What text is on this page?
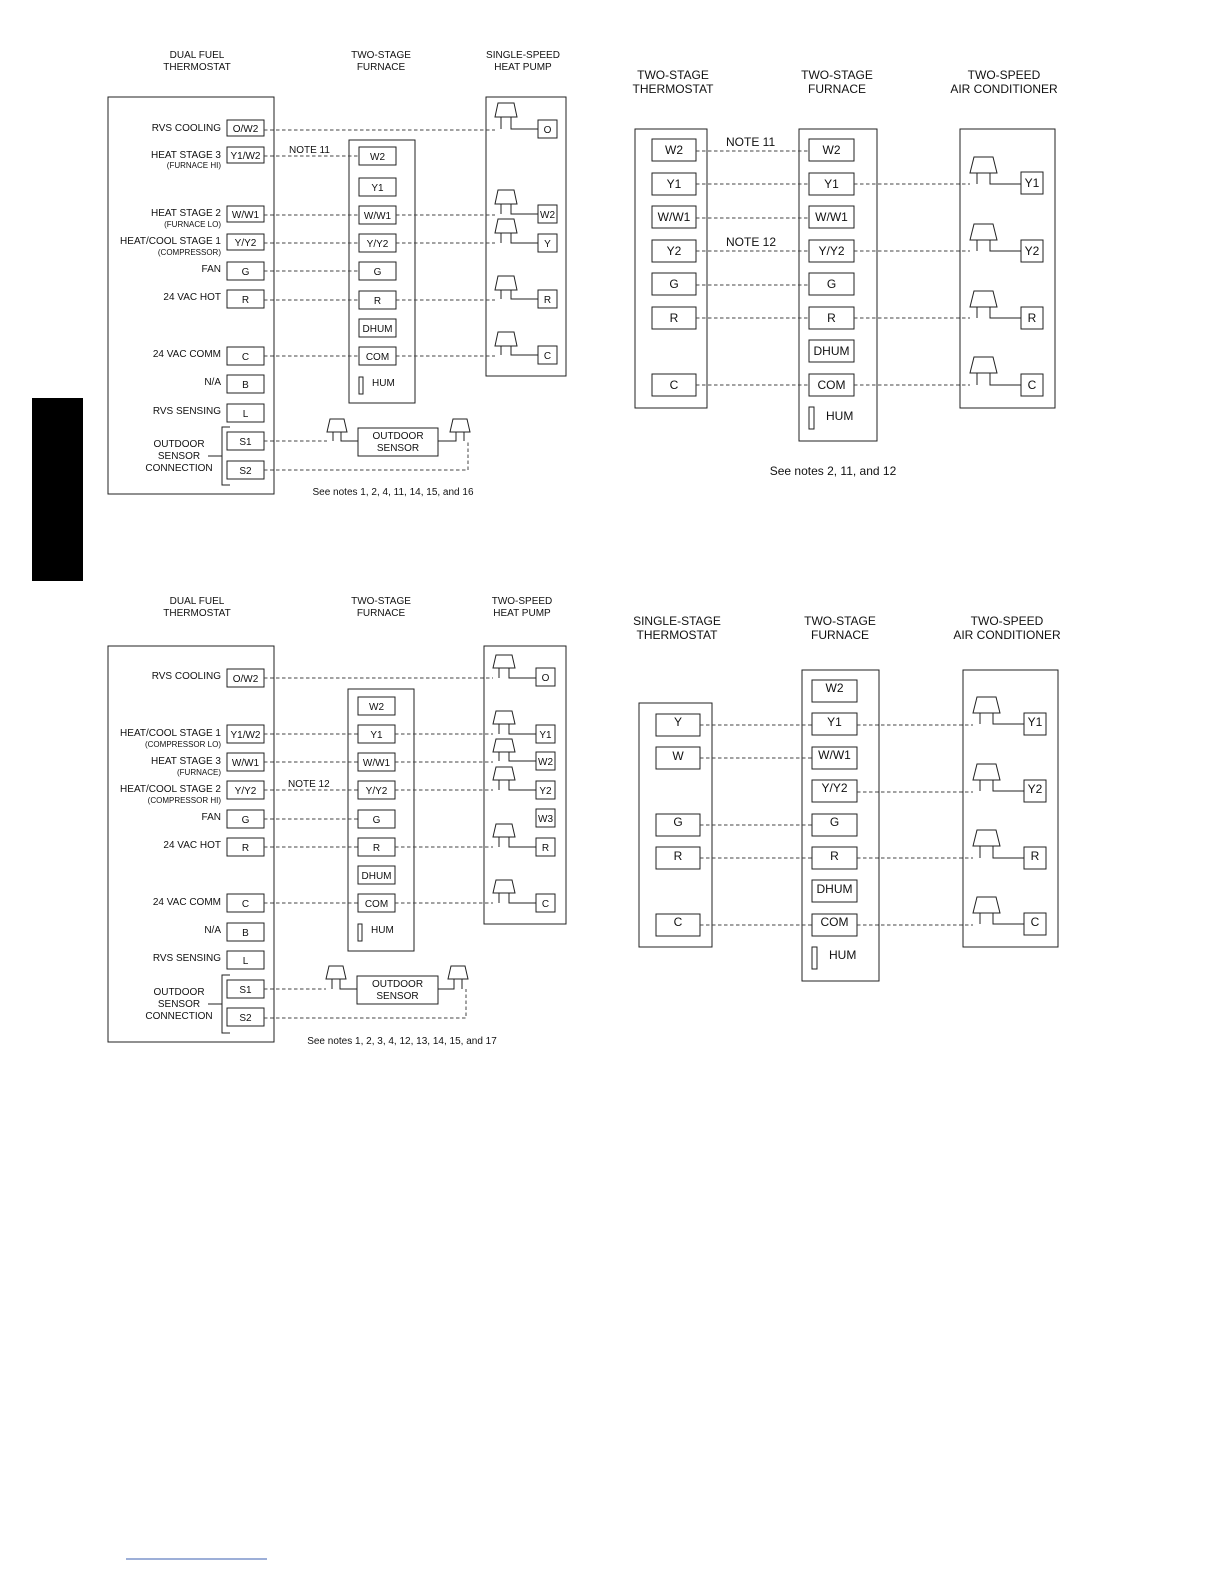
DUAL FUEL
THERMOSTAT
TWO-STAGE
FURNACE
SINGLE-SPEED
HEAT PUMP
RVS COOLING
HEAT STAGE 3
(FURNACE HI)
HEAT STAGE 2
(FURNACE LO)
HEAT/COOL STAGE 1
(COMPRESSOR)
FAN
24 VAC HOT
24 VAC COMM
N/A
RVS SENSING
OUTDOOR
SENSOR
CONNECTION
O/W2
Y1/W2
W/W1
Y/Y2
G
R
C
B
L
S1
S2
W2
Y1
W/W1
Y/Y2
G
R
DHUM
COM
HUM
O
W2
Y
R
C
NOTE 11
OUTDOOR
SENSOR
See notes 1, 2, 4, 11, 14, 15, and 16
TWO-STAGE
THERMOSTAT
TWO-STAGE
FURNACE
TWO-SPEED
AIR CONDITIONER
W2
Y1
W/W1
Y2
G
R
C
W2
Y1
W/W1
Y/Y2
G
R
DHUM
COM
HUM
Y1
Y2
R
C
NOTE 11
NOTE 12
See notes 2, 11, and 12
DUAL FUEL
THERMOSTAT
TWO-STAGE
FURNACE
TWO-SPEED
HEAT PUMP
RVS COOLING
HEAT/COOL STAGE 1
(COMPRESSOR LO)
HEAT STAGE 3
(FURNACE)
HEAT/COOL STAGE 2
(COMPRESSOR HI)
FAN
24 VAC HOT
24 VAC COMM
N/A
RVS SENSING
OUTDOOR
SENSOR
CONNECTION
O/W2
Y1/W2
W/W1
Y/Y2
G
R
C
B
L
S1
S2
W2
Y1
W/W1
Y/Y2
G
R
DHUM
COM
HUM
O
Y1
W2
Y2
W3
R
C
NOTE 12
OUTDOOR
SENSOR
See notes 1, 2, 3, 4, 12, 13, 14, 15, and 17
SINGLE-STAGE
THERMOSTAT
TWO-STAGE
FURNACE
TWO-SPEED
AIR CONDITIONER
Y
W
G
R
C
W2
Y1
W/W1
Y/Y2
G
R
DHUM
COM
HUM
Y1
Y2
R
C
